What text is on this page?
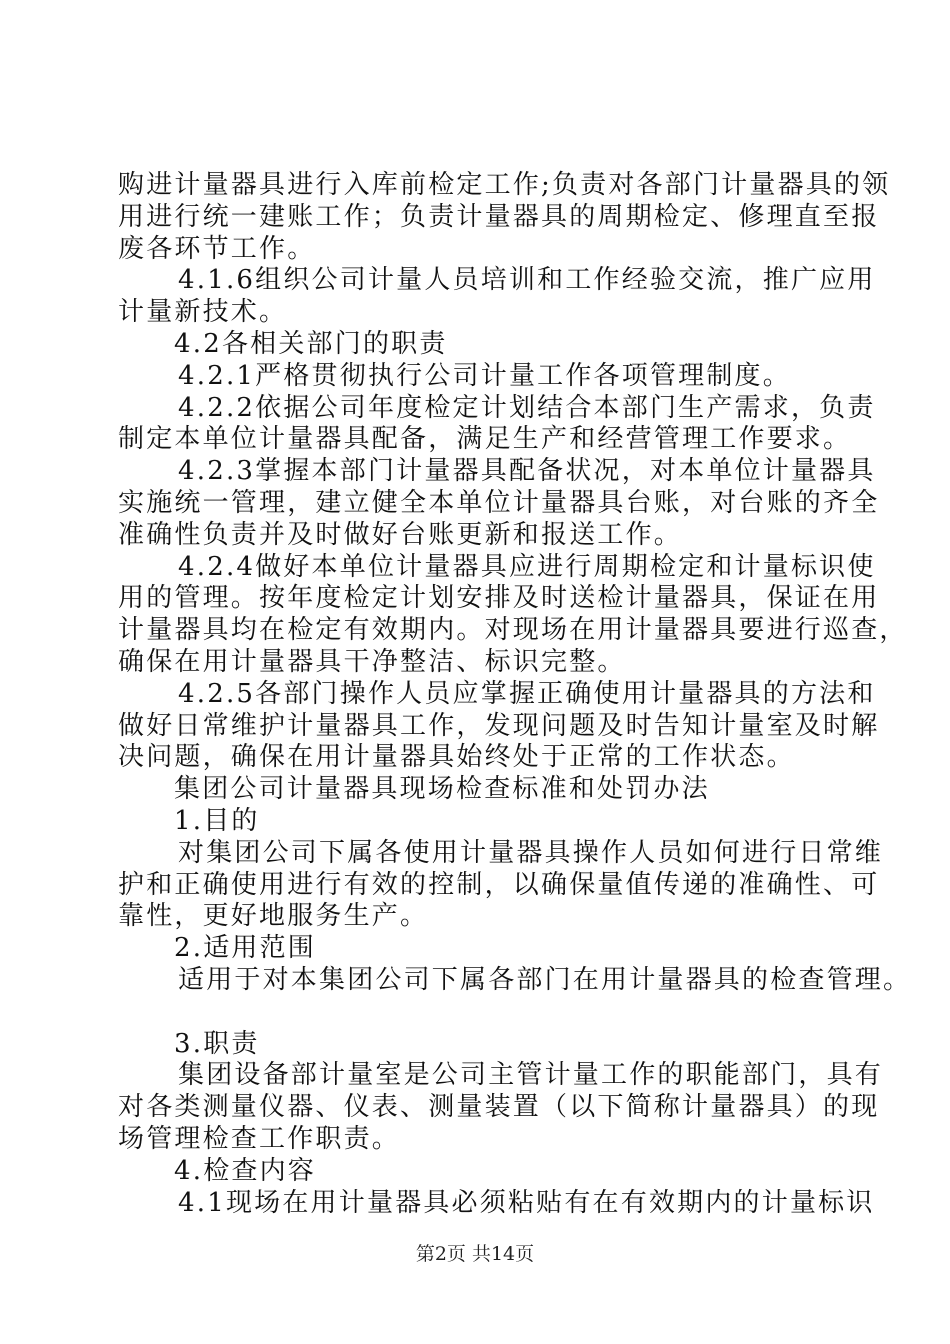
购进计量器具进行入库前检定工作;负责对各部门计量器具的领
用进行统一建账工作；负责计量器具的周期检定、修理直至报
废各环节工作。
4.1.6组织公司计量人员培训和工作经验交流，推广应用
计量新技术。
4.2各相关部门的职责
4.2.1严格贯彻执行公司计量工作各项管理制度。
4.2.2依据公司年度检定计划结合本部门生产需求，负责
制定本单位计量器具配备，满足生产和经营管理工作要求。
4.2.3掌握本部门计量器具配备状况，对本单位计量器具
实施统一管理，建立健全本单位计量器具台账，对台账的齐全
准确性负责并及时做好台账更新和报送工作。
4.2.4做好本单位计量器具应进行周期检定和计量标识使
用的管理。按年度检定计划安排及时送检计量器具，保证在用
计量器具均在检定有效期内。对现场在用计量器具要进行巡查，
确保在用计量器具干净整洁、标识完整。
4.2.5各部门操作人员应掌握正确使用计量器具的方法和
做好日常维护计量器具工作，发现问题及时告知计量室及时解
决问题，确保在用计量器具始终处于正常的工作状态。
集团公司计量器具现场检查标准和处罚办法
1.目的
对集团公司下属各使用计量器具操作人员如何进行日常维
护和正确使用进行有效的控制，以确保量值传递的准确性、可
靠性，更好地服务生产。
2.适用范围
适用于对本集团公司下属各部门在用计量器具的检查管理。
3.职责
集团设备部计量室是公司主管计量工作的职能部门，具有
对各类测量仪器、仪表、测量装置（以下简称计量器具）的现
场管理检查工作职责。
4.检查内容
4.1现场在用计量器具必须粘贴有在有效期内的计量标识
第2页 共14页
